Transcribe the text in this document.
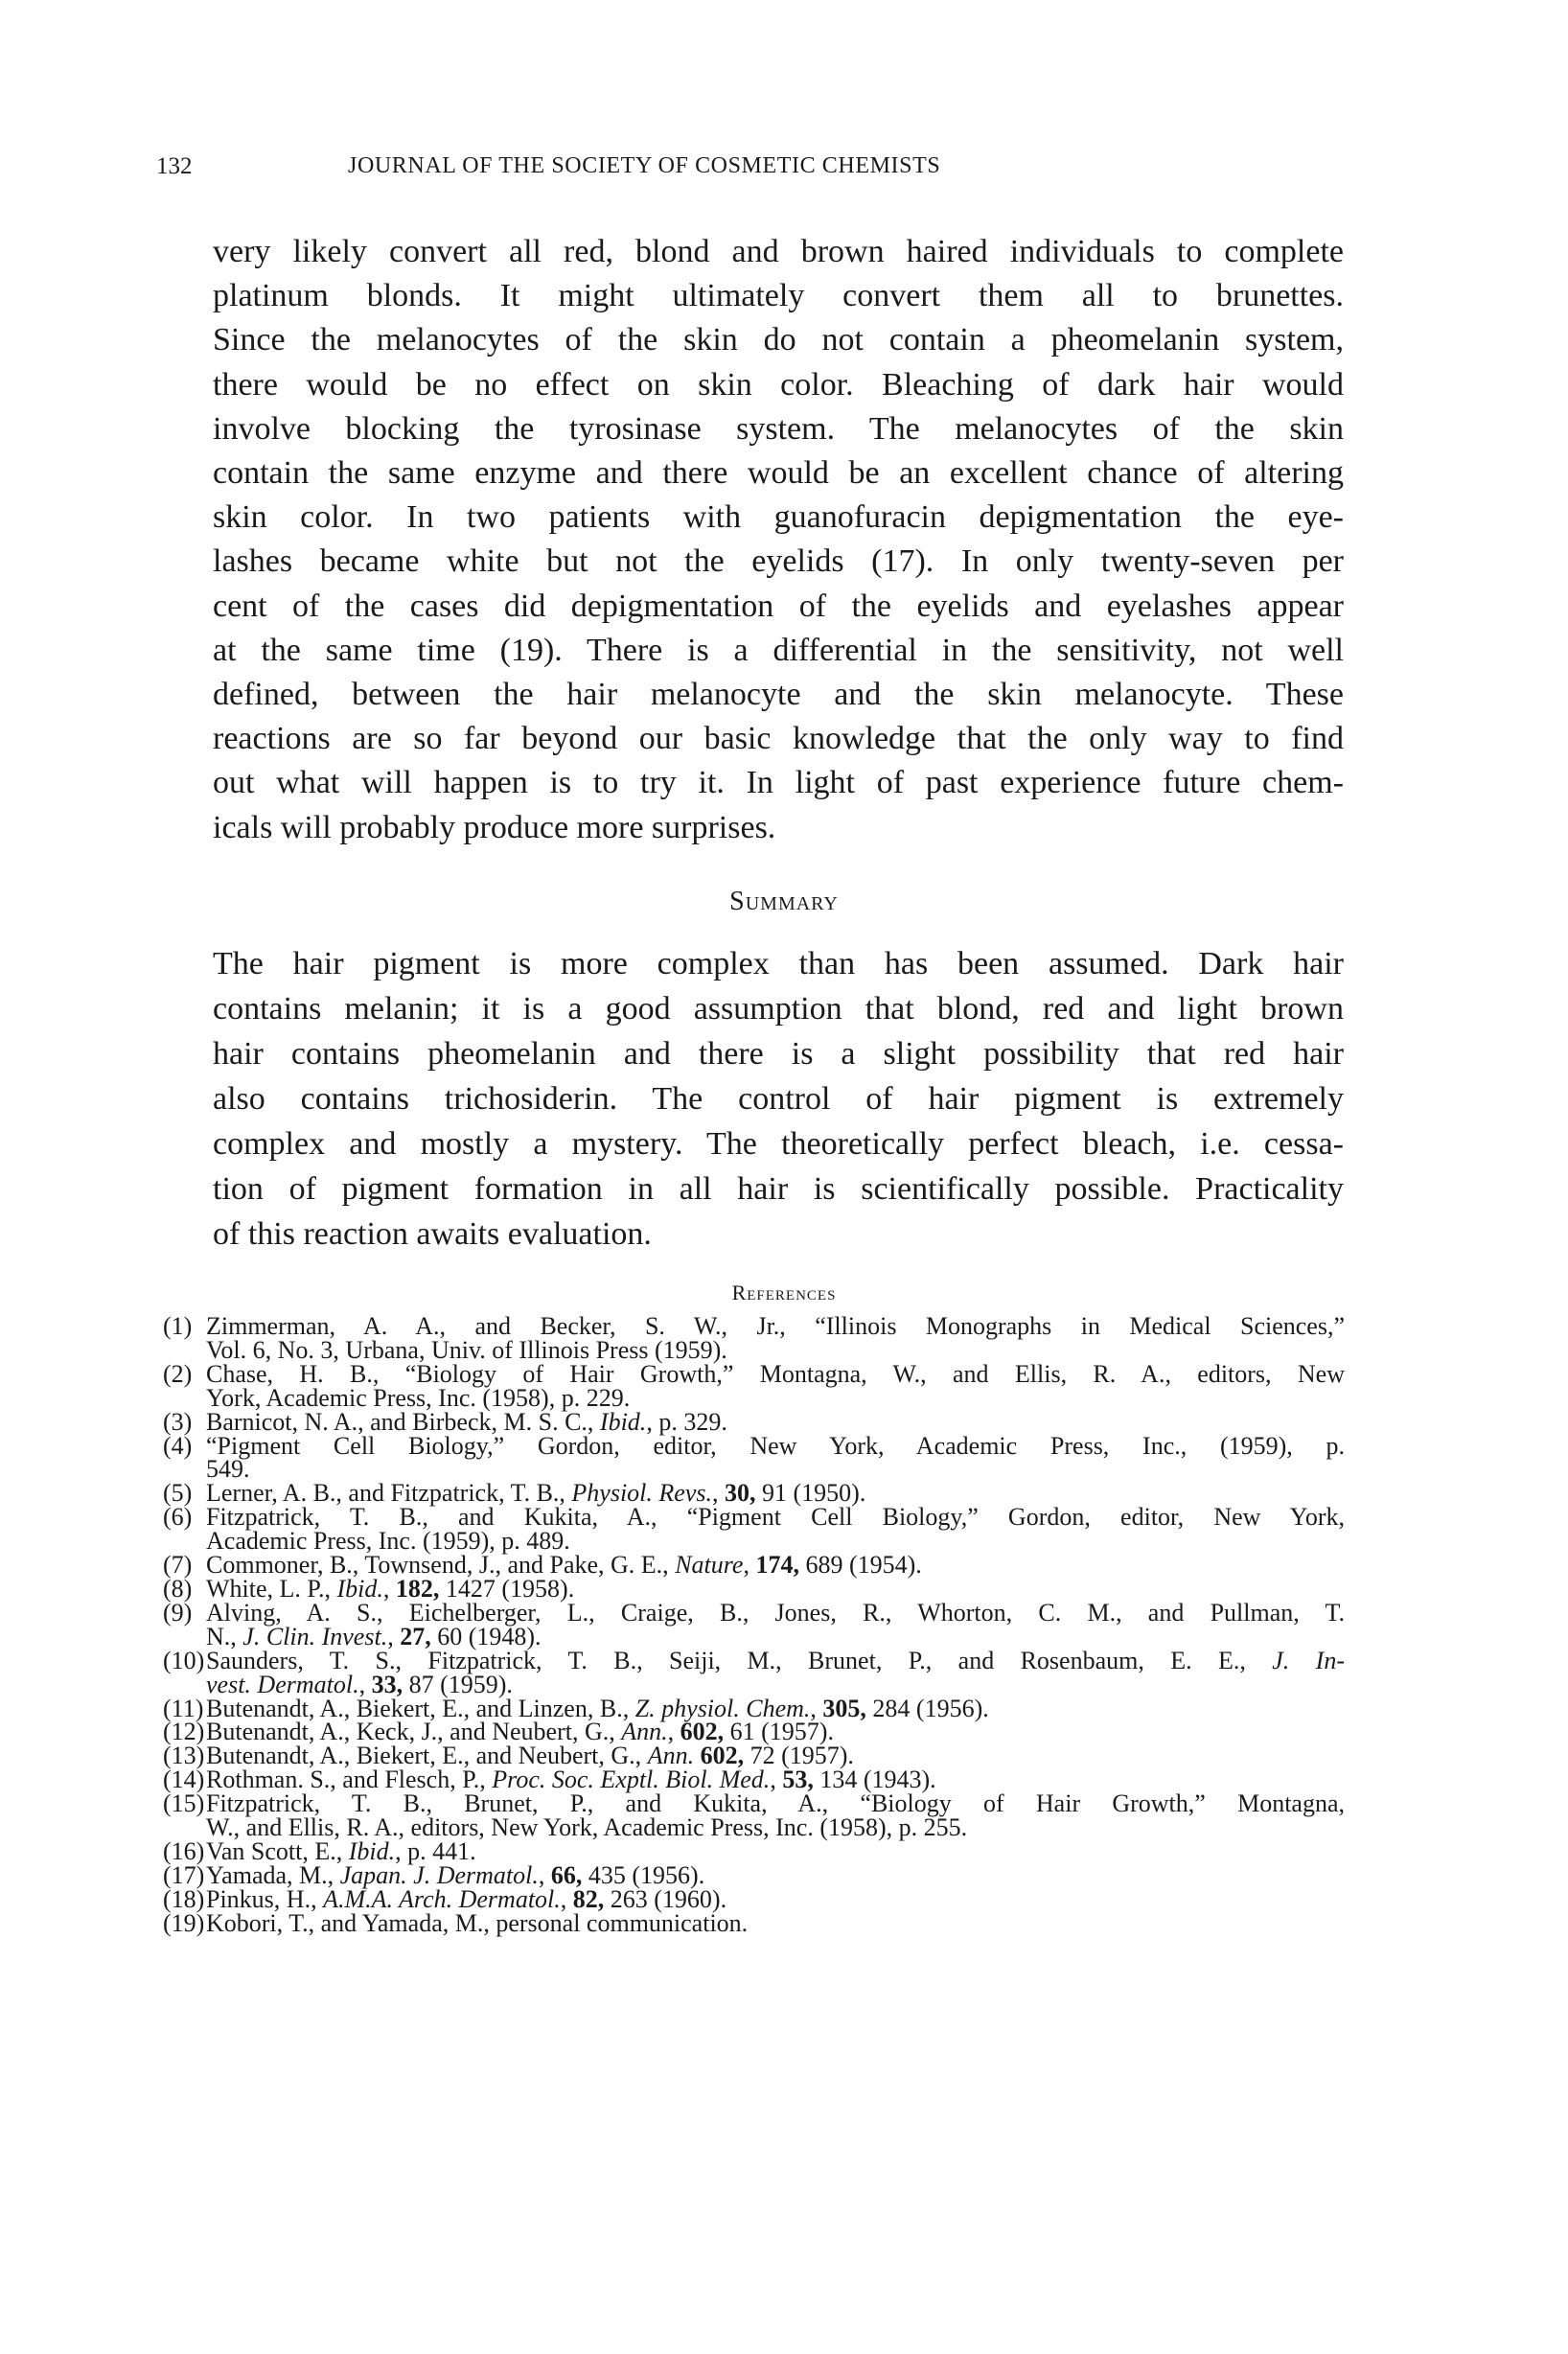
132	JOURNAL OF THE SOCIETY OF COSMETIC CHEMISTS
very likely convert all red, blond and brown haired individuals to complete
platinum blonds. It might ultimately convert them all to brunettes.
Since the melanocytes of the skin do not contain a pheomelanin system,
there would be no effect on skin color. Bleaching of dark hair would
involve blocking the tyrosinase system. The melanocytes of the skin
contain the same enzyme and there would be an excellent chance of altering
skin color. In two patients with guanofuracin depigmentation the eye-
lashes became white but not the eyelids (17). In only twenty-seven per
cent of the cases did depigmentation of the eyelids and eyelashes appear
at the same time (19). There is a differential in the sensitivity, not well
defined, between the hair melanocyte and the skin melanocyte. These
reactions are so far beyond our basic knowledge that the only way to find
out what will happen is to try it. In light of past experience future chem-
icals will probably produce more surprises.
Summary
The hair pigment is more complex than has been assumed. Dark hair
contains melanin; it is a good assumption that blond, red and light brown
hair contains pheomelanin and there is a slight possibility that red hair
also contains trichosiderin. The control of hair pigment is extremely
complex and mostly a mystery. The theoretically perfect bleach, i.e. cessa-
tion of pigment formation in all hair is scientifically possible. Practicality
of this reaction awaits evaluation.
References
(1) Zimmerman, A. A., and Becker, S. W., Jr., “Illinois Monographs in Medical Sciences,”
Vol. 6, No. 3, Urbana, Univ. of Illinois Press (1959).
(2) Chase, H. B., “Biology of Hair Growth,” Montagna, W., and Ellis, R. A., editors, New
York, Academic Press, Inc. (1958), p. 229.
(3) Barnicot, N. A., and Birbeck, M. S. C., Ibid., p. 329.
(4) “Pigment Cell Biology,” Gordon, editor, New York, Academic Press, Inc., (1959), p.
549.
(5) Lerner, A. B., and Fitzpatrick, T. B., Physiol. Revs., 30, 91 (1950).
(6) Fitzpatrick, T. B., and Kukita, A., “Pigment Cell Biology,” Gordon, editor, New York,
Academic Press, Inc. (1959), p. 489.
(7) Commoner, B., Townsend, J., and Pake, G. E., Nature, 174, 689 (1954).
(8) White, L. P., Ibid., 182, 1427 (1958).
(9) Alving, A. S., Eichelberger, L., Craige, B., Jones, R., Whorton, C. M., and Pullman, T.
N., J. Clin. Invest., 27, 60 (1948).
(10) Saunders, T. S., Fitzpatrick, T. B., Seiji, M., Brunet, P., and Rosenbaum, E. E., J. In-
vest. Dermatol., 33, 87 (1959).
(11) Butenandt, A., Biekert, E., and Linzen, B., Z. physiol. Chem., 305, 284 (1956).
(12) Butenandt, A., Keck, J., and Neubert, G., Ann., 602, 61 (1957).
(13) Butenandt, A., Biekert, E., and Neubert, G., Ann. 602, 72 (1957).
(14) Rothman. S., and Flesch, P., Proc. Soc. Exptl. Biol. Med., 53, 134 (1943).
(15) Fitzpatrick, T. B., Brunet, P., and Kukita, A., “Biology of Hair Growth,” Montagna,
W., and Ellis, R. A., editors, New York, Academic Press, Inc. (1958), p. 255.
(16) Van Scott, E., Ibid., p. 441.
(17) Yamada, M., Japan. J. Dermatol., 66, 435 (1956).
(18) Pinkus, H., A.M.A. Arch. Dermatol., 82, 263 (1960).
(19) Kobori, T., and Yamada, M., personal communication.
